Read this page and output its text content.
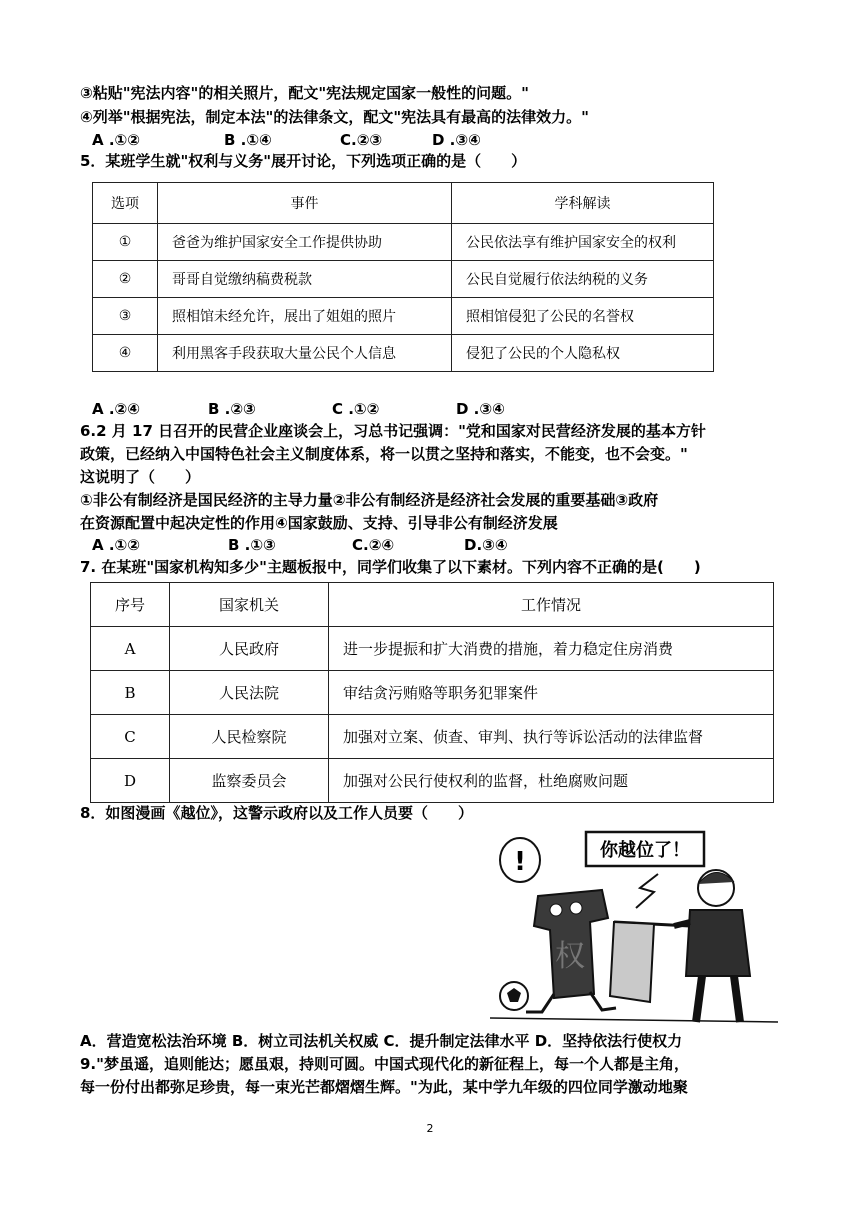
③粘贴"宪法内容"的相关照片，配文"宪法规定国家一般性的问题。"
④列举"根据宪法，制定本法"的法律条文，配文"宪法具有最高的法律效力。"
A .①②	B .①④	C.②③	D .③④
5．某班学生就"权利与义务"展开讨论，下列选项正确的是（　　）
选项	事件	学科解读
①	爸爸为维护国家安全工作提供协助	公民依法享有维护国家安全的权利
②	哥哥自觉缴纳稿费税款	公民自觉履行依法纳税的义务
③	照相馆未经允许，展出了姐姐的照片	照相馆侵犯了公民的名誉权
④	利用黑客手段获取大量公民个人信息	侵犯了公民的个人隐私权
A .②④	B .②③	C .①②	D .③④
6.2 月 17 日召开的民营企业座谈会上，习总书记强调："党和国家对民营经济发展的基本方针
政策，已经纳入中国特色社会主义制度体系，将一以贯之坚持和落实，不能变，也不会变。"
这说明了（　　）
①非公有制经济是国民经济的主导力量②非公有制经济是经济社会发展的重要基础③政府
在资源配置中起决定性的作用④国家鼓励、支持、引导非公有制经济发展
A .①②	B .①③	C.②④	D.③④
7. 在某班"国家机构知多少"主题板报中，同学们收集了以下素材。下列内容不正确的是(　　)
序号	国家机关	工作情况
A	人民政府	进一步提振和扩大消费的措施，着力稳定住房消费
B	人民法院	审结贪污贿赂等职务犯罪案件
C	人民检察院	加强对立案、侦查、审判、执行等诉讼活动的法律监督
D	监察委员会	加强对公民行使权利的监督，杜绝腐败问题
8．如图漫画《越位》，这警示政府以及工作人员要（　　）
你越位了！
!
权
A．营造宽松法治环境 B．树立司法机关权威 C．提升制定法律水平 D．坚持依法行使权力
9."梦虽遥，追则能达；愿虽艰，持则可圆。中国式现代化的新征程上，每一个人都是主角，
每一份付出都弥足珍贵，每一束光芒都熠熠生辉。"为此，某中学九年级的四位同学激动地聚
2
